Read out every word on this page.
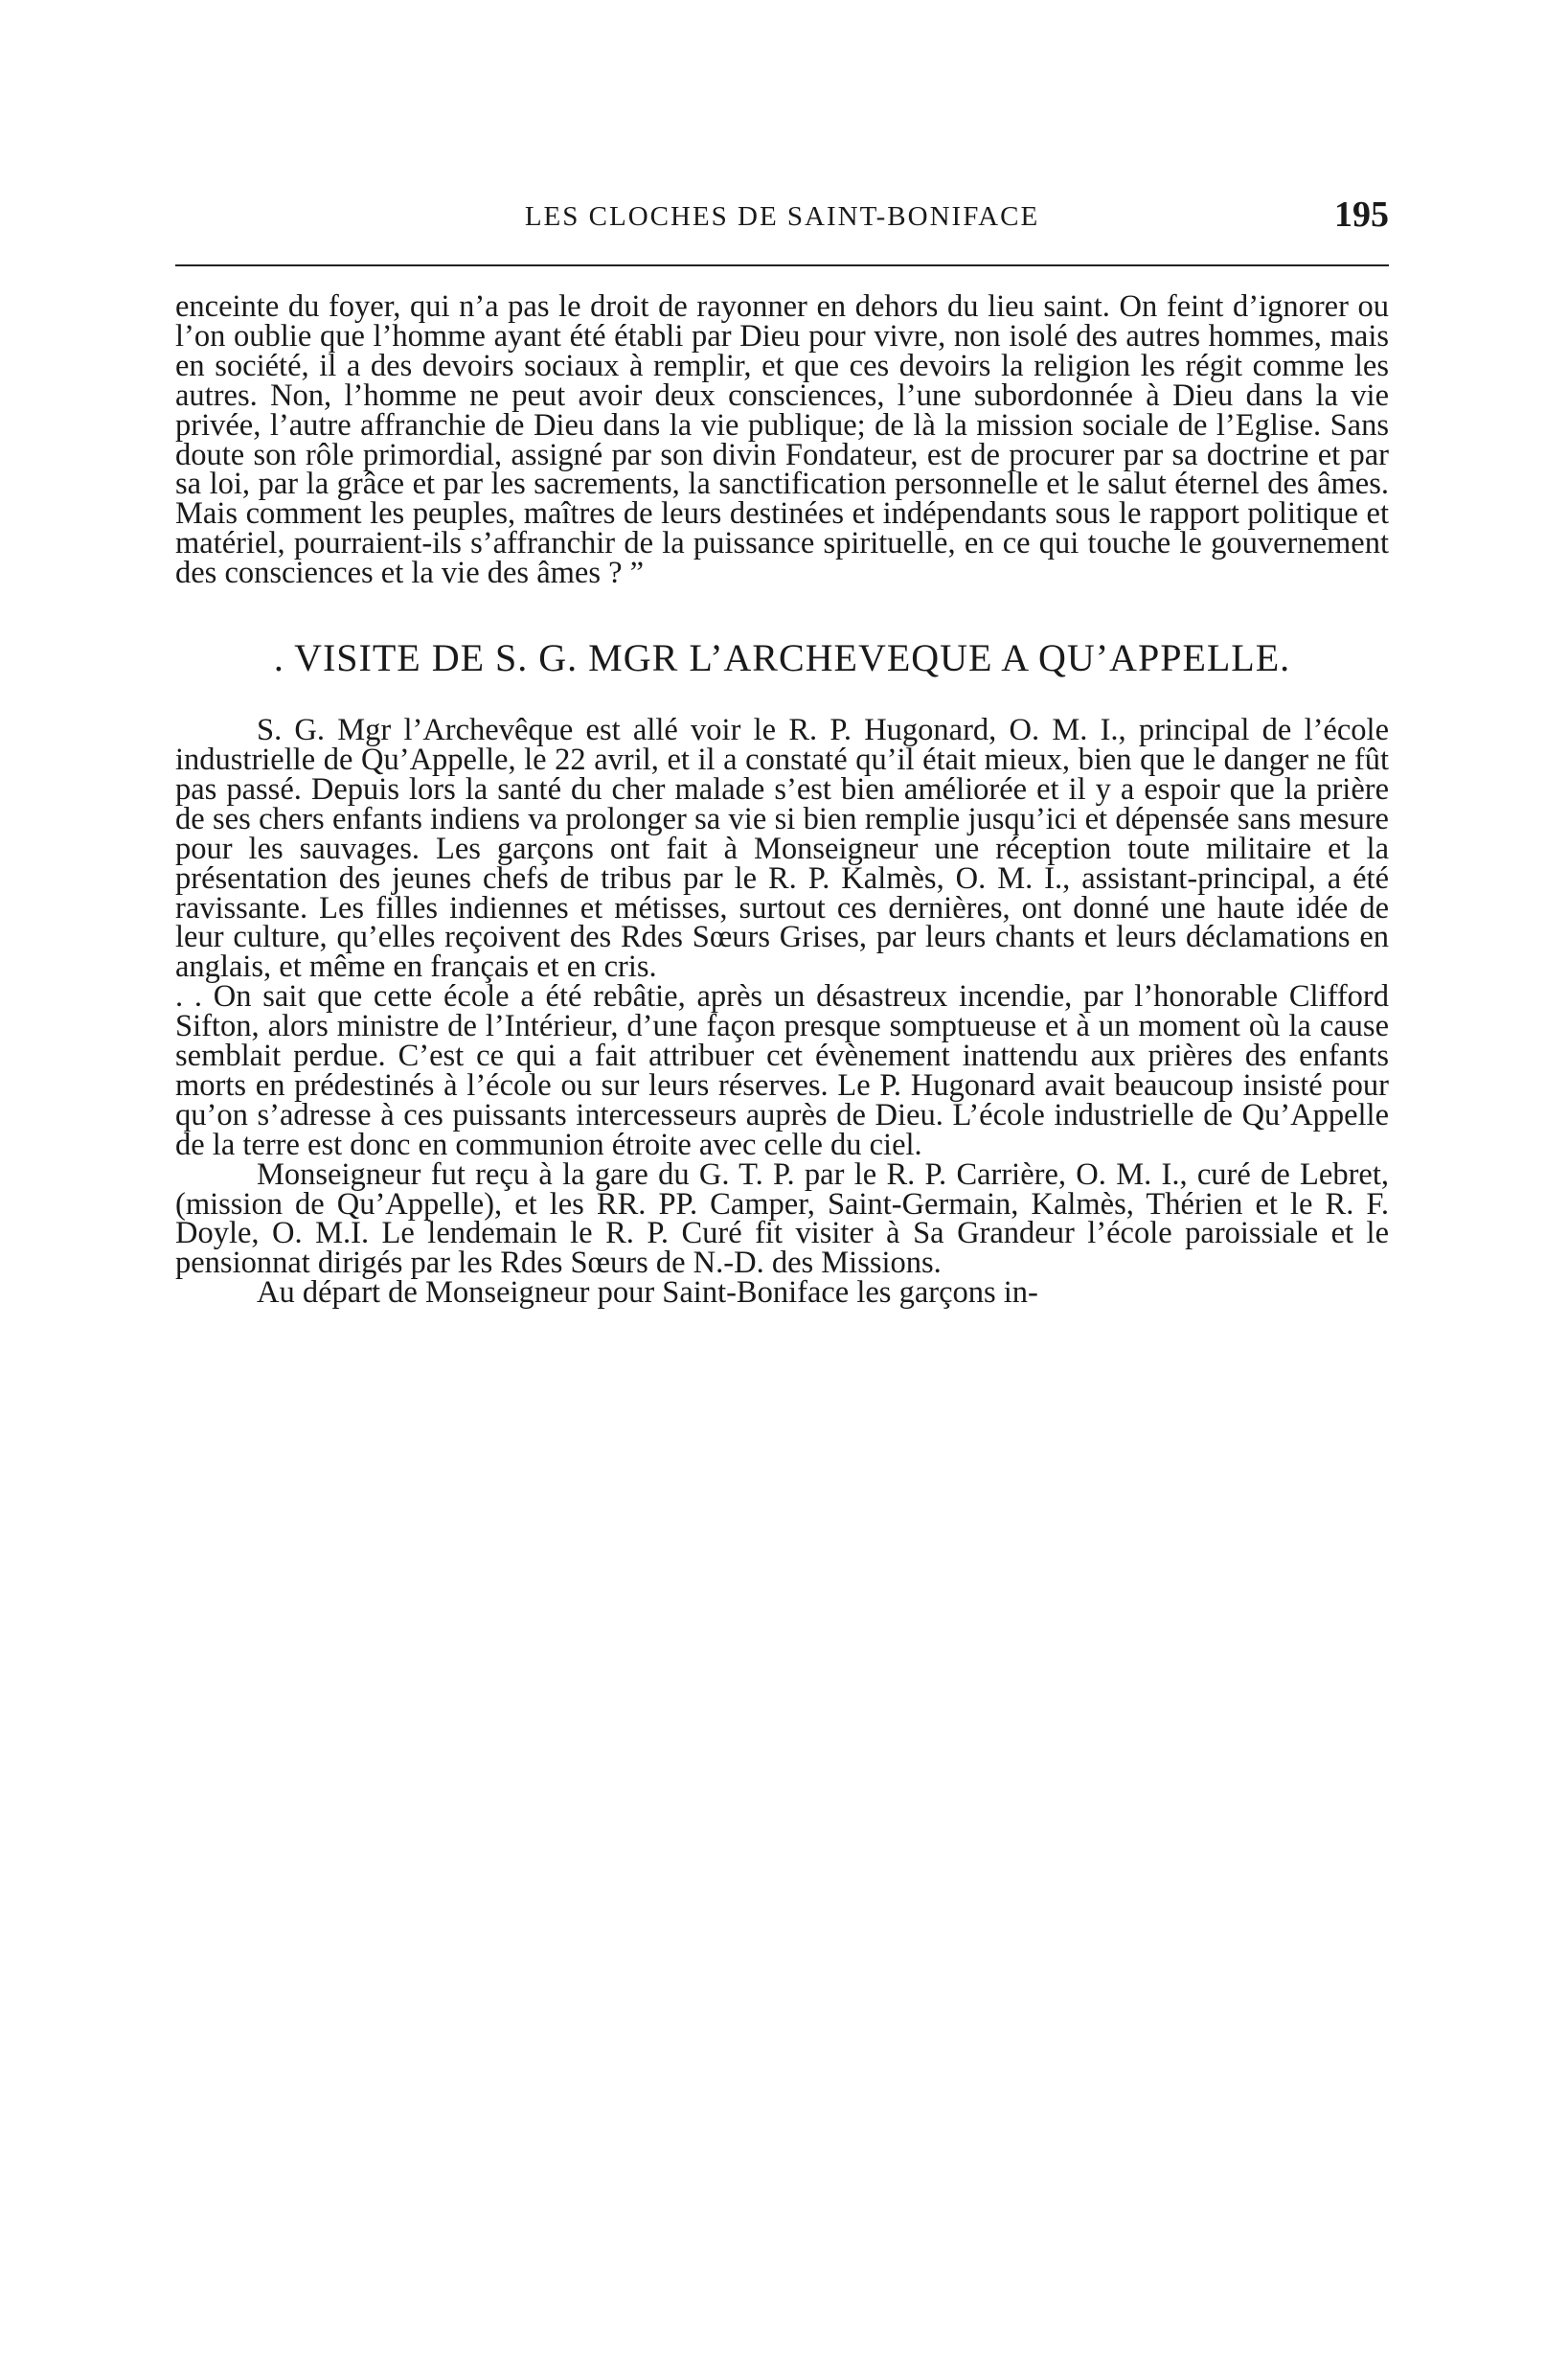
LES CLOCHES DE SAINT-BONIFACE	195

enceinte du foyer, qui n’a pas le droit de rayonner en dehors du lieu saint. On feint d’ignorer ou l’on oublie que l’homme ayant été établi par Dieu pour vivre, non isolé des autres hommes, mais en société, il a des devoirs sociaux à remplir, et que ces devoirs la religion les régit comme les autres. Non, l’homme ne peut avoir deux consciences, l’une subordonnée à Dieu dans la vie privée, l’autre affranchie de Dieu dans la vie publique; de là la mission sociale de l’Eglise. Sans doute son rôle primordial, assigné par son divin Fondateur, est de procurer par sa doctrine et par sa loi, par la grâce et par les sacrements, la sanctification personnelle et le salut éternel des âmes. Mais comment les peuples, maîtres de leurs destinées et indépendants sous le rapport politique et matériel, pourraient-ils s’affranchir de la puissance spirituelle, en ce qui touche le gouvernement des consciences et la vie des âmes ? ”

. VISITE DE S. G. MGR L’ARCHEVEQUE A QU’APPELLE.

S. G. Mgr l’Archevêque est allé voir le R. P. Hugonard, O. M. I., principal de l’école industrielle de Qu’Appelle, le 22 avril, et il a constaté qu’il était mieux, bien que le danger ne fût pas passé. Depuis lors la santé du cher malade s’est bien améliorée et il y a espoir que la prière de ses chers enfants indiens va prolonger sa vie si bien remplie jusqu’ici et dépensée sans mesure pour les sauvages. Les garçons ont fait à Monseigneur une réception toute militaire et la présentation des jeunes chefs de tribus par le R. P. Kalmès, O. M. I., assistant-principal, a été ravissante. Les filles indiennes et métisses, surtout ces dernières, ont donné une haute idée de leur culture, qu’elles reçoivent des Rdes Sœurs Grises, par leurs chants et leurs déclamations en anglais, et même en français et en cris.

. . On sait que cette école a été rebâtie, après un désastreux incendie, par l’honorable Clifford Sifton, alors ministre de l’Intérieur, d’une façon presque somptueuse et à un moment où la cause semblait perdue. C’est ce qui a fait attribuer cet évènement inattendu aux prières des enfants morts en prédestinés à l’école ou sur leurs réserves. Le P. Hugonard avait beaucoup insisté pour qu’on s’adresse à ces puissants intercesseurs auprès de Dieu. L’école industrielle de Qu’Appelle de la terre est donc en communion étroite avec celle du ciel.

Monseigneur fut reçu à la gare du G. T. P. par le R. P. Carrière, O. M. I., curé de Lebret, (mission de Qu’Appelle), et les RR. PP. Camper, Saint-Germain, Kalmès, Thérien et le R. F. Doyle, O. M.I. Le lendemain le R. P. Curé fit visiter à Sa Grandeur l’école paroissiale et le pensionnat dirigés par les Rdes Sœurs de N.-D. des Missions.

Au départ de Monseigneur pour Saint-Boniface les garçons in-
